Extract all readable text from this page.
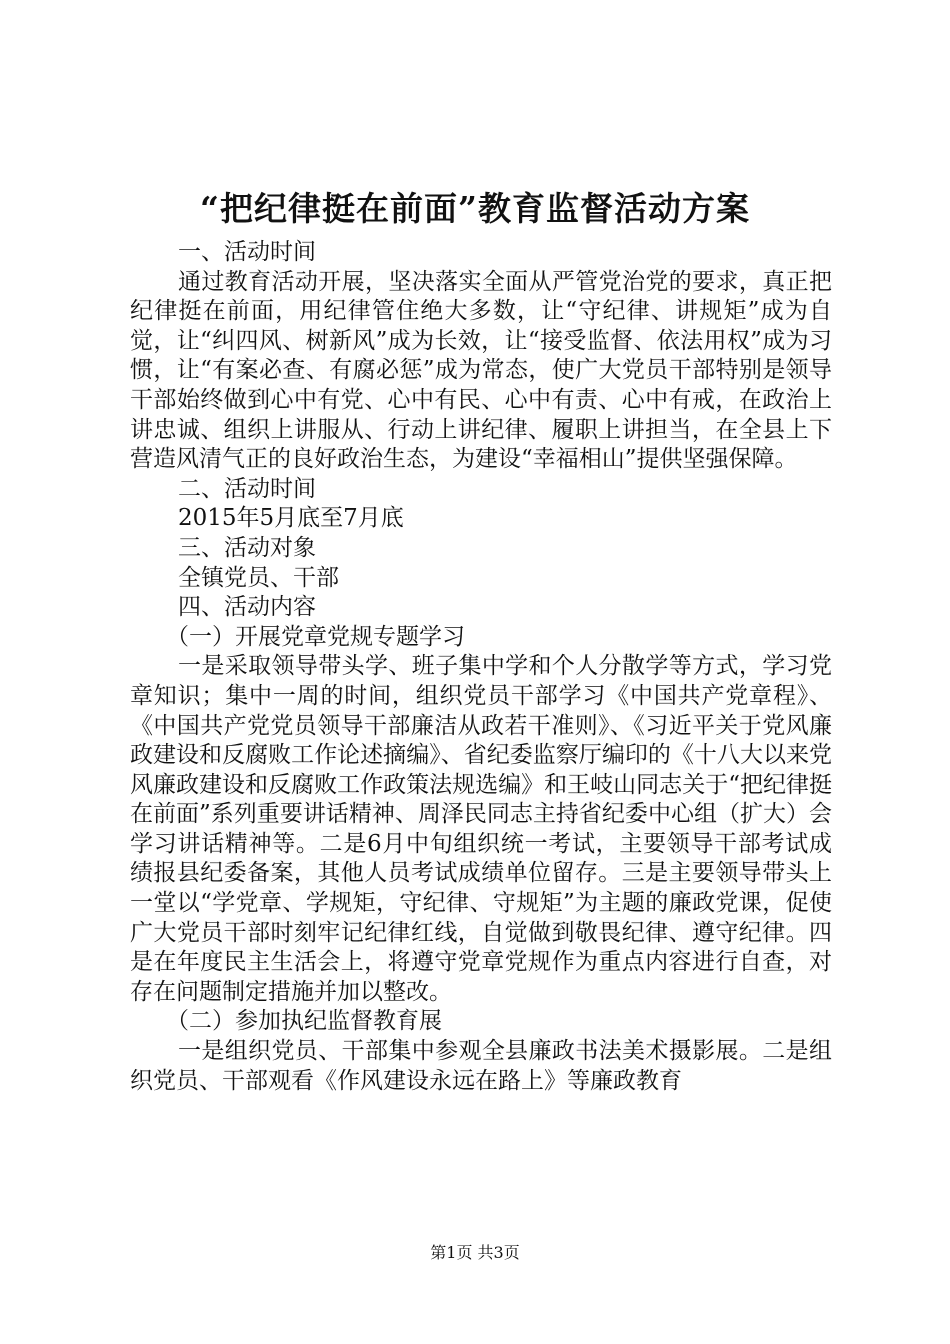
“把纪律挺在前面”教育监督活动方案

一、活动时间

通过教育活动开展，坚决落实全面从严管党治党的要求，真正把纪律挺在前面，用纪律管住绝大多数，让“守纪律、讲规矩”成为自觉，让“纠四风、树新风”成为长效，让“接受监督、依法用权”成为习惯，让“有案必查、有腐必惩”成为常态，使广大党员干部特别是领导干部始终做到心中有党、心中有民、心中有责、心中有戒，在政治上讲忠诚、组织上讲服从、行动上讲纪律、履职上讲担当，在全县上下营造风清气正的良好政治生态，为建设“幸福相山”提供坚强保障。

二、活动时间

2015年5月底至7月底

三、活动对象

全镇党员、干部

四、活动内容

（一）开展党章党规专题学习

一是采取领导带头学、班子集中学和个人分散学等方式，学习党章知识；集中一周的时间，组织党员干部学习《中国共产党章程》、《中国共产党党员领导干部廉洁从政若干准则》、《习近平关于党风廉政建设和反腐败工作论述摘编》、省纪委监察厅编印的《十八大以来党风廉政建设和反腐败工作政策法规选编》和王岐山同志关于“把纪律挺在前面”系列重要讲话精神、周泽民同志主持省纪委中心组（扩大）会学习讲话精神等。二是6月中旬组织统一考试，主要领导干部考试成绩报县纪委备案，其他人员考试成绩单位留存。三是主要领导带头上一堂以“学党章、学规矩，守纪律、守规矩”为主题的廉政党课，促使广大党员干部时刻牢记纪律红线，自觉做到敬畏纪律、遵守纪律。四是在年度民主生活会上，将遵守党章党规作为重点内容进行自查，对存在问题制定措施并加以整改。

（二）参加执纪监督教育展

一是组织党员、干部集中参观全县廉政书法美术摄影展。二是组织党员、干部观看《作风建设永远在路上》等廉政教育

第1页 共3页
